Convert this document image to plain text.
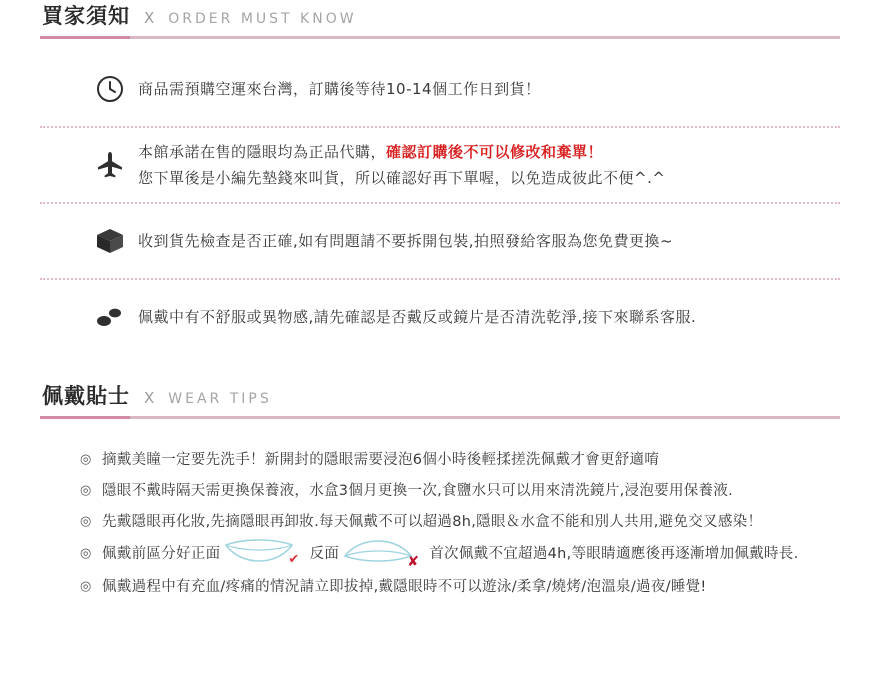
買家須知 X ORDER MUST KNOW
商品需預購空運來台灣，訂購後等待10-14個工作日到貨！
本館承諾在售的隱眼均為正品代購，確認訂購後不可以修改和棄單！
您下單後是小編先墊錢來叫貨，所以確認好再下單喔，以免造成彼此不便^.^
收到貨先檢查是否正確,如有問題請不要拆開包裝,拍照發給客服為您免費更換~
佩戴中有不舒服或異物感,請先確認是否戴反或鏡片是否清洗乾淨,接下來聯系客服.
佩戴貼士 X WEAR TIPS
◎ 摘戴美瞳一定要先洗手！新開封的隱眼需要浸泡6個小時後輕揉搓洗佩戴才會更舒適唷
◎ 隱眼不戴時隔天需更換保養液，水盒3個月更換一次,食鹽水只可以用來清洗鏡片,浸泡要用保養液.
◎ 先戴隱眼再化妝,先摘隱眼再卸妝.每天佩戴不可以超過8h,隱眼＆水盒不能和別人共用,避免交叉感染！
◎ 佩戴前區分好正面	✔ 反面	✘ 首次佩戴不宜超過4h,等眼睛適應後再逐漸增加佩戴時長.
◎ 佩戴過程中有充血/疼痛的情況請立即拔掉,戴隱眼時不可以遊泳/柔拿/燒烤/泡溫泉/過夜/睡覺!
